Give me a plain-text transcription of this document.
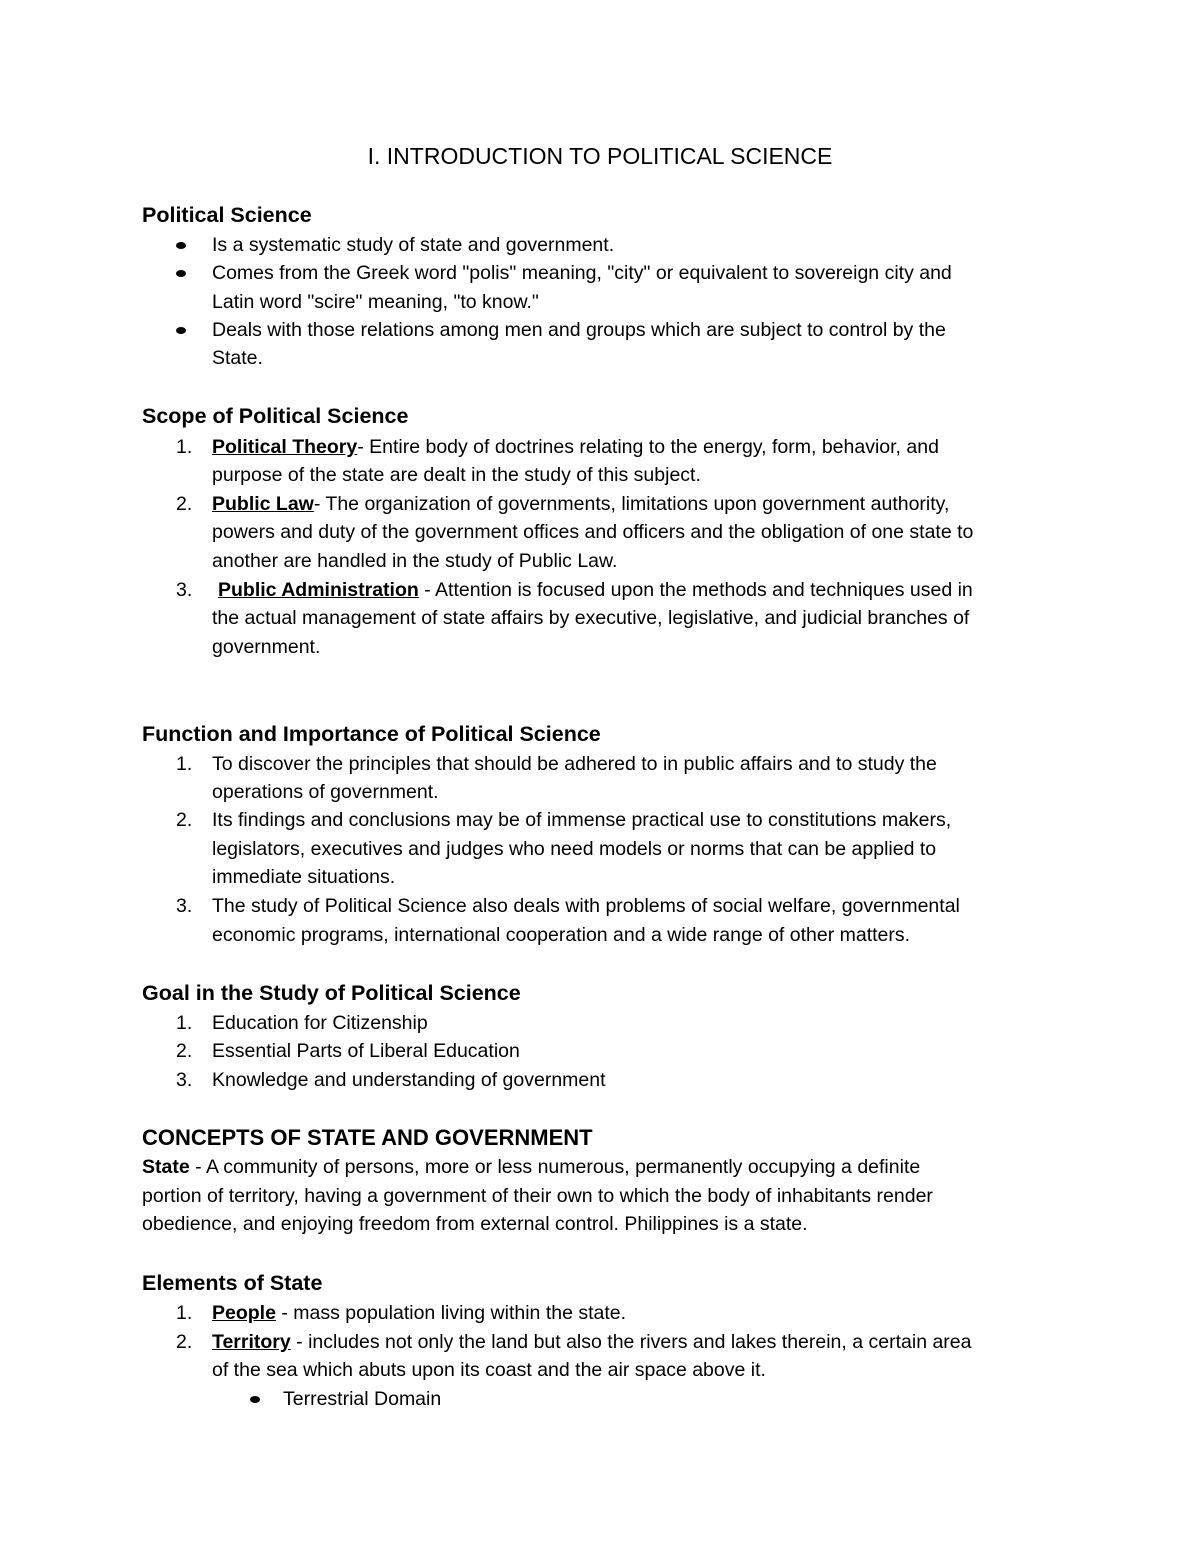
I. INTRODUCTION TO POLITICAL SCIENCE
Political Science

Is a systematic study of state and government.

Comes from the Greek word "polis" meaning, "city" or equivalent to sovereign city and

Latin word "scire" meaning, "to know."

Deals with those relations among men and groups which are subject to control by the

State.

Scope of Political Science
1. Political Theory- Entire body of doctrines relating to the energy, form, behavior, and

purpose of the state are dealt in the study of this subject.

2. Public Law- The organization of governments, limitations upon government authority,

powers and duty of the government offices and officers and the obligation of one state to

another are handled in the study of Public Law.

3. Public Administration - Attention is focused upon the methods and techniques used in

the actual management of state affairs by executive, legislative, and judicial branches of

government.

Function and Importance of Political Science
1. To discover the principles that should be adhered to in public affairs and to study the

operations of government.

2. Its findings and conclusions may be of immense practical use to constitutions makers,

legislators, executives and judges who need models or norms that can be applied to

immediate situations.

3. The study of Political Science also deals with problems of social welfare, governmental

economic programs, international cooperation and a wide range of other matters.

Goal in the Study of Political Science
1. Education for Citizenship

2. Essential Parts of Liberal Education

3. Knowledge and understanding of government

CONCEPTS OF STATE AND GOVERNMENT

State - A community of persons, more or less numerous, permanently occupying a definite

portion of territory, having a government of their own to which the body of inhabitants render

obedience, and enjoying freedom from external control. Philippines is a state.

Elements of State
1. People - mass population living within the state.

2. Territory - includes not only the land but also the rivers and lakes therein, a certain area

of the sea which abuts upon its coast and the air space above it.

Terrestrial Domain
